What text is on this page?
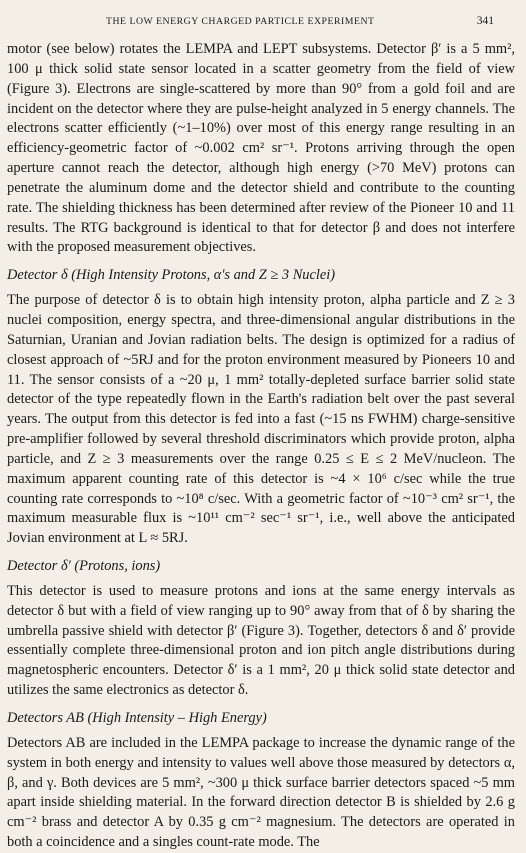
THE LOW ENERGY CHARGED PARTICLE EXPERIMENT	341

motor (see below) rotates the LEMPA and LEPT subsystems. Detector β′ is a 5 mm², 100 μ thick solid state sensor located in a scatter geometry from the field of view (Figure 3). Electrons are single-scattered by more than 90° from a gold foil and are incident on the detector where they are pulse-height analyzed in 5 energy channels. The electrons scatter efficiently (~1–10%) over most of this energy range resulting in an efficiency-geometric factor of ~0.002 cm² sr⁻¹. Protons arriving through the open aperture cannot reach the detector, although high energy (>70 MeV) protons can penetrate the aluminum dome and the detector shield and contribute to the counting rate. The shielding thickness has been determined after review of the Pioneer 10 and 11 results. The RTG background is identical to that for detector β and does not interfere with the proposed measurement objectives.

Detector δ (High Intensity Protons, α's and Z ≥ 3 Nuclei)

The purpose of detector δ is to obtain high intensity proton, alpha particle and Z ≥ 3 nuclei composition, energy spectra, and three-dimensional angular distributions in the Saturnian, Uranian and Jovian radiation belts. The design is optimized for a radius of closest approach of ~5RJ and for the proton environment measured by Pioneers 10 and 11. The sensor consists of a ~20 μ, 1 mm² totally-depleted surface barrier solid state detector of the type repeatedly flown in the Earth's radiation belt over the past several years. The output from this detector is fed into a fast (~15 ns FWHM) charge-sensitive pre-amplifier followed by several threshold discriminators which provide proton, alpha particle, and Z ≥ 3 measurements over the range 0.25 ≤ E ≤ 2 MeV/nucleon. The maximum apparent counting rate of this detector is ~4 × 10⁶ c/sec while the true counting rate corresponds to ~10⁸ c/sec. With a geometric factor of ~10⁻³ cm² sr⁻¹, the maximum measurable flux is ~10¹¹ cm⁻² sec⁻¹ sr⁻¹, i.e., well above the anticipated Jovian environment at L ≈ 5RJ.

Detector δ′ (Protons, ions)

This detector is used to measure protons and ions at the same energy intervals as detector δ but with a field of view ranging up to 90° away from that of δ by sharing the umbrella passive shield with detector β′ (Figure 3). Together, detectors δ and δ′ provide essentially complete three-dimensional proton and ion pitch angle distributions during magnetospheric encounters. Detector δ′ is a 1 mm², 20 μ thick solid state detector and utilizes the same electronics as detector δ.

Detectors AB (High Intensity – High Energy)

Detectors AB are included in the LEMPA package to increase the dynamic range of the system in both energy and intensity to values well above those measured by detectors α, β, and γ. Both devices are 5 mm², ~300 μ thick surface barrier detectors spaced ~5 mm apart inside shielding material. In the forward direction detector B is shielded by 2.6 g cm⁻² brass and detector A by 0.35 g cm⁻² magnesium. The detectors are operated in both a coincidence and a singles count-rate mode. The
